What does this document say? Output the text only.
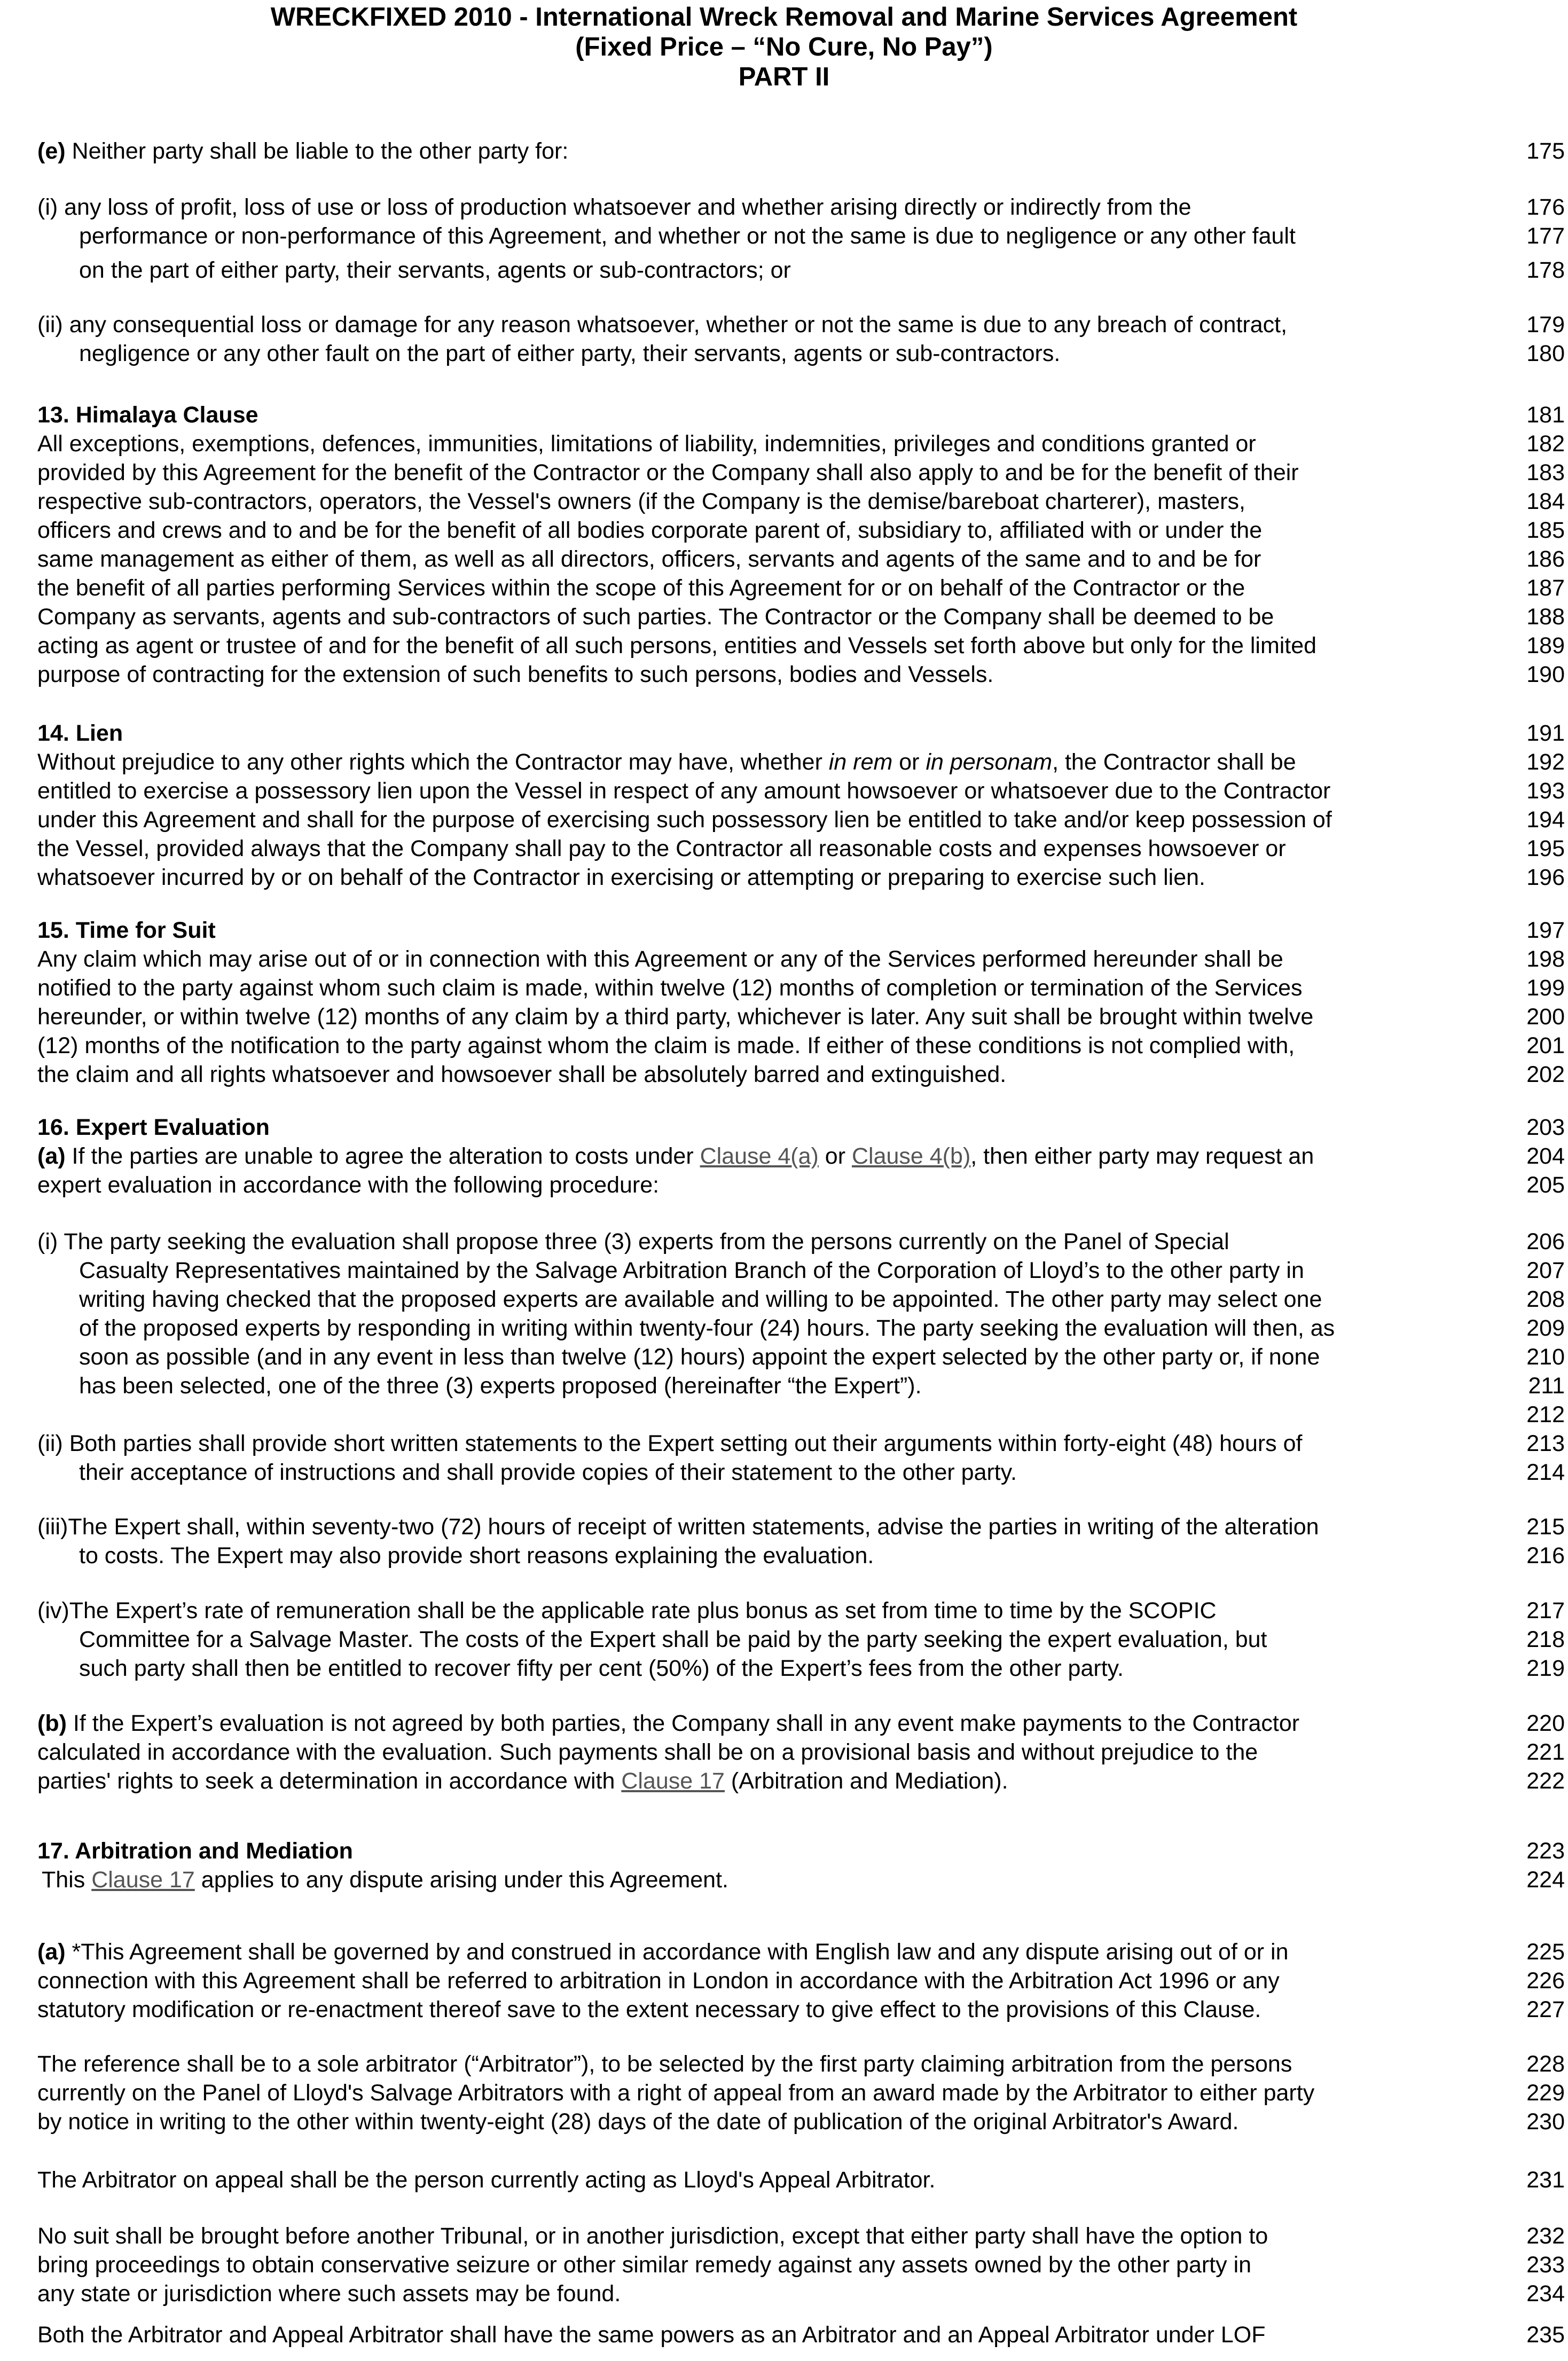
WRECKFIXED 2010 - International Wreck Removal and Marine Services Agreement
(Fixed Price – “No Cure, No Pay”)
PART II
(e) Neither party shall be liable to the other party for:
(i) any loss of profit, loss of use or loss of production whatsoever and whether arising directly or indirectly from the
performance or non-performance of this Agreement, and whether or not the same is due to negligence or any other fault
on the part of either party, their servants, agents or sub-contractors; or
(ii) any consequential loss or damage for any reason whatsoever, whether or not the same is due to any breach of contract,
negligence or any other fault on the part of either party, their servants, agents or sub-contractors.
13. Himalaya Clause
All exceptions, exemptions, defences, immunities, limitations of liability, indemnities, privileges and conditions granted or
provided by this Agreement for the benefit of the Contractor or the Company shall also apply to and be for the benefit of their
respective sub-contractors, operators, the Vessel's owners (if the Company is the demise/bareboat charterer), masters,
officers and crews and to and be for the benefit of all bodies corporate parent of, subsidiary to, affiliated with or under the
same management as either of them, as well as all directors, officers, servants and agents of the same and to and be for
the benefit of all parties performing Services within the scope of this Agreement for or on behalf of the Contractor or the
Company as servants, agents and sub-contractors of such parties. The Contractor or the Company shall be deemed to be
acting as agent or trustee of and for the benefit of all such persons, entities and Vessels set forth above but only for the limited
purpose of contracting for the extension of such benefits to such persons, bodies and Vessels.
14. Lien
Without prejudice to any other rights which the Contractor may have, whether in rem or in personam, the Contractor shall be
entitled to exercise a possessory lien upon the Vessel in respect of any amount howsoever or whatsoever due to the Contractor
under this Agreement and shall for the purpose of exercising such possessory lien be entitled to take and/or keep possession of
the Vessel, provided always that the Company shall pay to the Contractor all reasonable costs and expenses howsoever or
whatsoever incurred by or on behalf of the Contractor in exercising or attempting or preparing to exercise such lien.
15. Time for Suit
Any claim which may arise out of or in connection with this Agreement or any of the Services performed hereunder shall be
notified to the party against whom such claim is made, within twelve (12) months of completion or termination of the Services
hereunder, or within twelve (12) months of any claim by a third party, whichever is later. Any suit shall be brought within twelve
(12) months of the notification to the party against whom the claim is made. If either of these conditions is not complied with,
the claim and all rights whatsoever and howsoever shall be absolutely barred and extinguished.
16. Expert Evaluation
(a) If the parties are unable to agree the alteration to costs under Clause 4(a) or Clause 4(b), then either party may request an
expert evaluation in accordance with the following procedure:
(i) The party seeking the evaluation shall propose three (3) experts from the persons currently on the Panel of Special
Casualty Representatives maintained by the Salvage Arbitration Branch of the Corporation of Lloyd’s to the other party in
writing having checked that the proposed experts are available and willing to be appointed. The other party may select one
of the proposed experts by responding in writing within twenty-four (24) hours. The party seeking the evaluation will then, as
soon as possible (and in any event in less than twelve (12) hours) appoint the expert selected by the other party or, if none
has been selected, one of the three (3) experts proposed (hereinafter “the Expert”).
(ii) Both parties shall provide short written statements to the Expert setting out their arguments within forty-eight (48) hours of
their acceptance of instructions and shall provide copies of their statement to the other party.
(iii)The Expert shall, within seventy-two (72) hours of receipt of written statements, advise the parties in writing of the alteration
to costs. The Expert may also provide short reasons explaining the evaluation.
(iv)The Expert’s rate of remuneration shall be the applicable rate plus bonus as set from time to time by the SCOPIC
Committee for a Salvage Master. The costs of the Expert shall be paid by the party seeking the expert evaluation, but
such party shall then be entitled to recover fifty per cent (50%) of the Expert’s fees from the other party.
(b) If the Expert’s evaluation is not agreed by both parties, the Company shall in any event make payments to the Contractor
calculated in accordance with the evaluation. Such payments shall be on a provisional basis and without prejudice to the
parties' rights to seek a determination in accordance with Clause 17 (Arbitration and Mediation).
17. Arbitration and Mediation
This Clause 17 applies to any dispute arising under this Agreement.
(a) *This Agreement shall be governed by and construed in accordance with English law and any dispute arising out of or in
connection with this Agreement shall be referred to arbitration in London in accordance with the Arbitration Act 1996 or any
statutory modification or re-enactment thereof save to the extent necessary to give effect to the provisions of this Clause.
The reference shall be to a sole arbitrator (“Arbitrator”), to be selected by the first party claiming arbitration from the persons
currently on the Panel of Lloyd's Salvage Arbitrators with a right of appeal from an award made by the Arbitrator to either party
by notice in writing to the other within twenty-eight (28) days of the date of publication of the original Arbitrator's Award.
The Arbitrator on appeal shall be the person currently acting as Lloyd's Appeal Arbitrator.
No suit shall be brought before another Tribunal, or in another jurisdiction, except that either party shall have the option to
bring proceedings to obtain conservative seizure or other similar remedy against any assets owned by the other party in
any state or jurisdiction where such assets may be found.
Both the Arbitrator and Appeal Arbitrator shall have the same powers as an Arbitrator and an Appeal Arbitrator under LOF
175
176
177
178
179
180
181
182
183
184
185
186
187
188
189
190
191
192
193
194
195
196
197
198
199
200
201
202
203
204
205
206
207
208
209
210
211
212
213
214
215
216
217
218
219
220
221
222
223
224
225
226
227
228
229
230
231
232
233
234
235
